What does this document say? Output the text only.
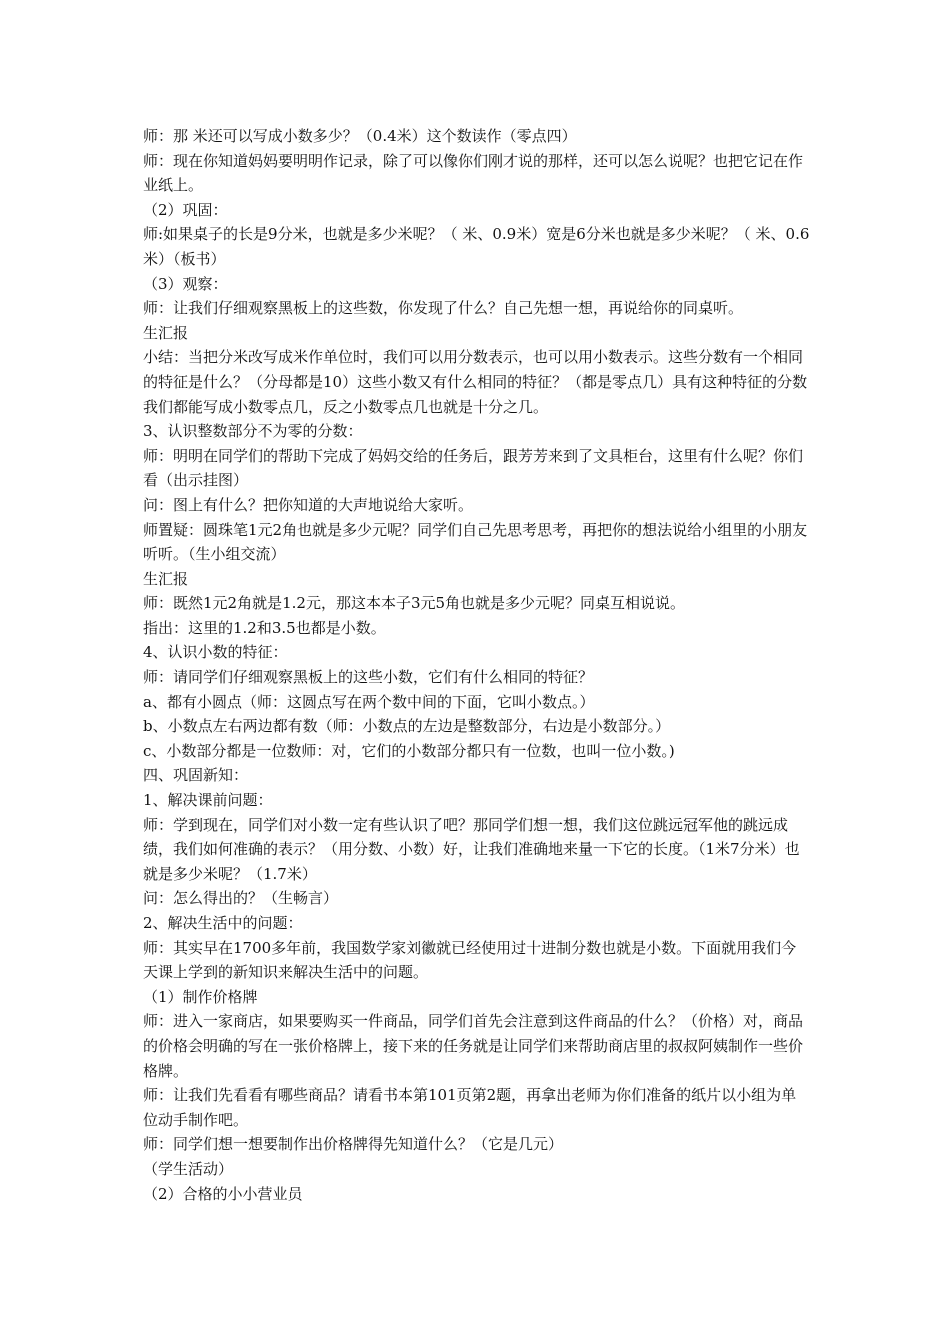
师：那 米还可以写成小数多少？（0.4米）这个数读作（零点四）

师：现在你知道妈妈要明明作记录，除了可以像你们刚才说的那样，还可以怎么说呢？也把它记在作业纸上。

（2）巩固：

师:如果桌子的长是9分米，也就是多少米呢？（ 米、0.9米）宽是6分米也就是多少米呢？（ 米、0.6米）（板书）

（3）观察：

师：让我们仔细观察黑板上的这些数，你发现了什么？自己先想一想，再说给你的同桌听。

生汇报

小结：当把分米改写成米作单位时，我们可以用分数表示，也可以用小数表示。这些分数有一个相同的特征是什么？（分母都是10）这些小数又有什么相同的特征？（都是零点几）具有这种特征的分数我们都能写成小数零点几，反之小数零点几也就是十分之几。

3、认识整数部分不为零的分数：

师：明明在同学们的帮助下完成了妈妈交给的任务后，跟芳芳来到了文具柜台，这里有什么呢？你们看（出示挂图）

问：图上有什么？把你知道的大声地说给大家听。

师置疑：圆珠笔1元2角也就是多少元呢？同学们自己先思考思考，再把你的想法说给小组里的小朋友听听。（生小组交流）

生汇报

师：既然1元2角就是1.2元，那这本本子3元5角也就是多少元呢？同桌互相说说。

指出：这里的1.2和3.5也都是小数。

4、认识小数的特征：

师：请同学们仔细观察黑板上的这些小数，它们有什么相同的特征？

a、都有小圆点（师：这圆点写在两个数中间的下面，它叫小数点。）

b、小数点左右两边都有数（师：小数点的左边是整数部分，右边是小数部分。）

c、小数部分都是一位数师：对，它们的小数部分都只有一位数，也叫一位小数。)

四、巩固新知：

1、解决课前问题：

师：学到现在，同学们对小数一定有些认识了吧？那同学们想一想，我们这位跳远冠军他的跳远成绩，我们如何准确的表示？（用分数、小数）好，让我们准确地来量一下它的长度。（1米7分米）也就是多少米呢？（1.7米）

问：怎么得出的？（生畅言）

2、解决生活中的问题：

师：其实早在1700多年前，我国数学家刘徽就已经使用过十进制分数也就是小数。下面就用我们今天课上学到的新知识来解决生活中的问题。

（1）制作价格牌

师：进入一家商店，如果要购买一件商品，同学们首先会注意到这件商品的什么？（价格）对，商品的价格会明确的写在一张价格牌上，接下来的任务就是让同学们来帮助商店里的叔叔阿姨制作一些价格牌。

师：让我们先看看有哪些商品？请看书本第101页第2题，再拿出老师为你们准备的纸片以小组为单位动手制作吧。

师：同学们想一想要制作出价格牌得先知道什么？（它是几元）

（学生活动）

（2）合格的小小营业员
